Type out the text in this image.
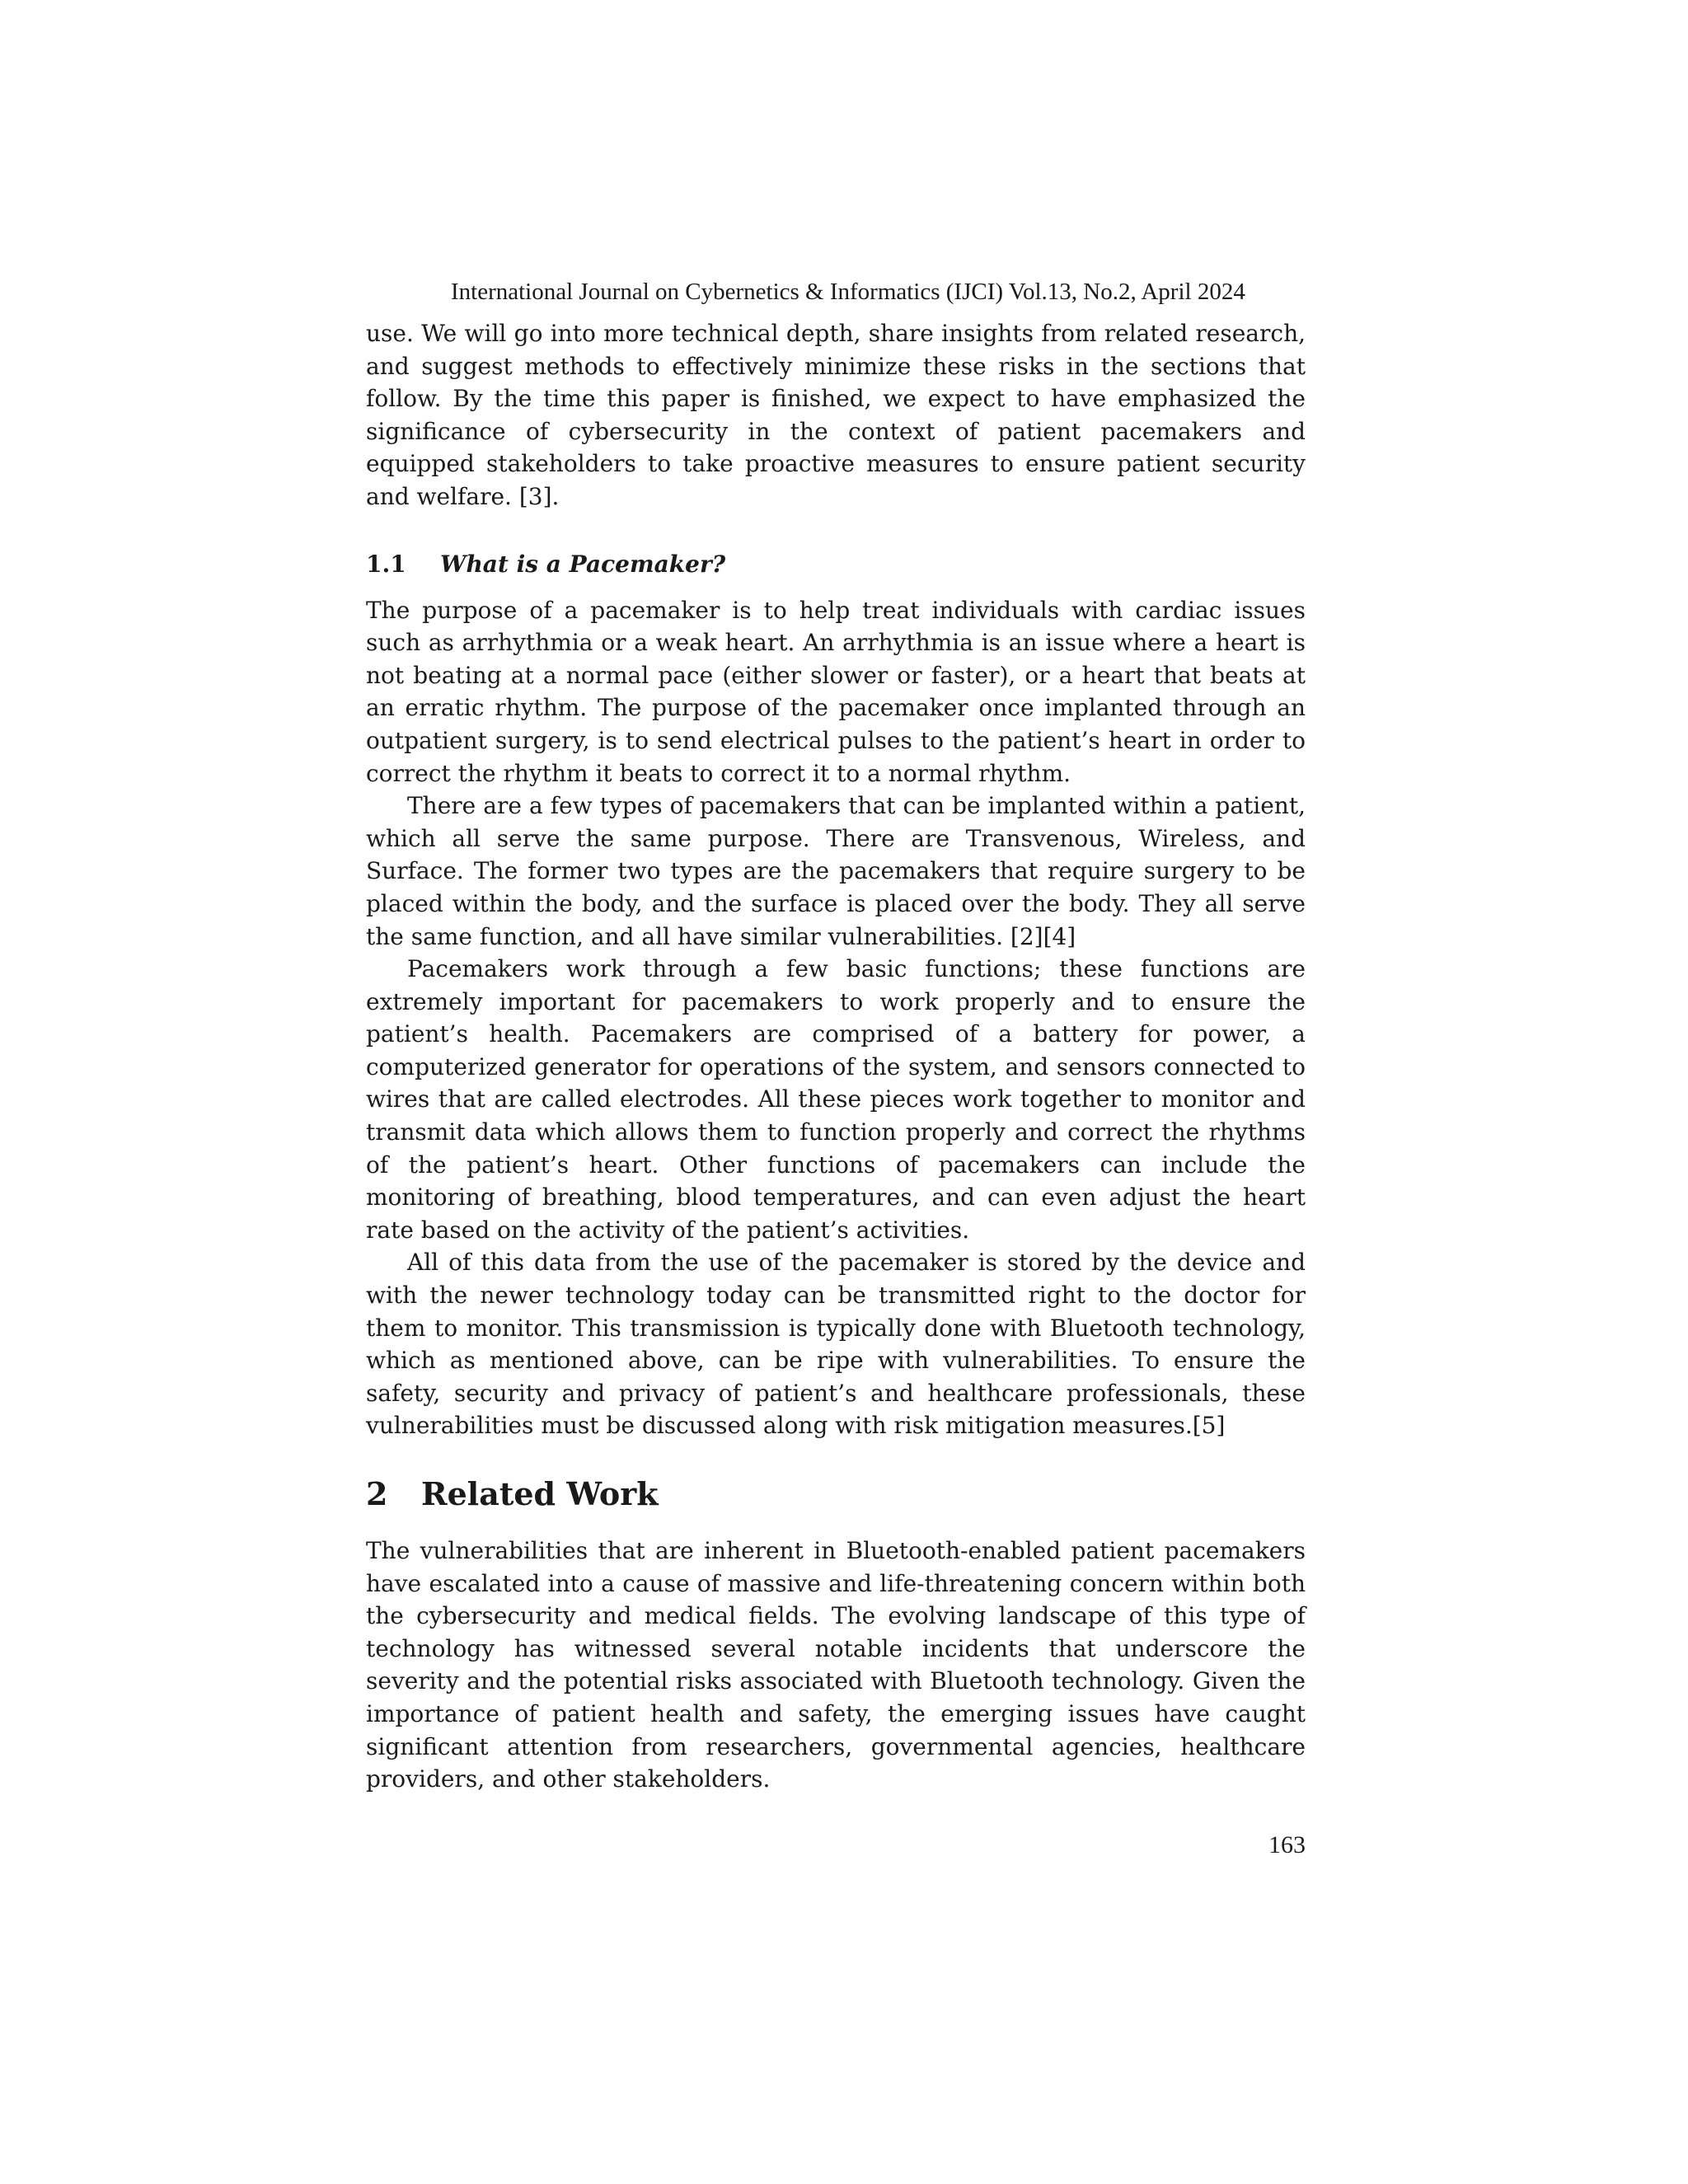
International Journal on Cybernetics & Informatics (IJCI) Vol.13, No.2, April 2024

use. We will go into more technical depth, share insights from related research, and suggest methods to effectively minimize these risks in the sections that follow. By the time this paper is finished, we expect to have emphasized the significance of cybersecurity in the context of patient pacemakers and equipped stakeholders to take proactive measures to ensure patient security and welfare. [3].

1.1 What is a Pacemaker?

The purpose of a pacemaker is to help treat individuals with cardiac issues such as arrhythmia or a weak heart. An arrhythmia is an issue where a heart is not beating at a normal pace (either slower or faster), or a heart that beats at an erratic rhythm. The purpose of the pacemaker once implanted through an outpatient surgery, is to send electrical pulses to the patient’s heart in order to correct the rhythm it beats to correct it to a normal rhythm.

There are a few types of pacemakers that can be implanted within a patient, which all serve the same purpose. There are Transvenous, Wireless, and Surface. The former two types are the pacemakers that require surgery to be placed within the body, and the surface is placed over the body. They all serve the same function, and all have similar vulnerabilities. [2][4]

Pacemakers work through a few basic functions; these functions are extremely important for pacemakers to work properly and to ensure the patient’s health. Pacemakers are comprised of a battery for power, a computerized generator for operations of the system, and sensors connected to wires that are called electrodes. All these pieces work together to monitor and transmit data which allows them to function properly and correct the rhythms of the patient’s heart. Other functions of pacemakers can include the monitoring of breathing, blood temperatures, and can even adjust the heart rate based on the activity of the patient’s activities.

All of this data from the use of the pacemaker is stored by the device and with the newer technology today can be transmitted right to the doctor for them to monitor. This transmission is typically done with Bluetooth technology, which as mentioned above, can be ripe with vulnerabilities. To ensure the safety, security and privacy of patient’s and healthcare professionals, these vulnerabilities must be discussed along with risk mitigation measures.[5]

2 Related Work

The vulnerabilities that are inherent in Bluetooth-enabled patient pacemakers have escalated into a cause of massive and life-threatening concern within both the cybersecurity and medical fields. The evolving landscape of this type of technology has witnessed several notable incidents that underscore the severity and the potential risks associated with Bluetooth technology. Given the importance of patient health and safety, the emerging issues have caught significant attention from researchers, governmental agencies, healthcare providers, and other stakeholders.

163
